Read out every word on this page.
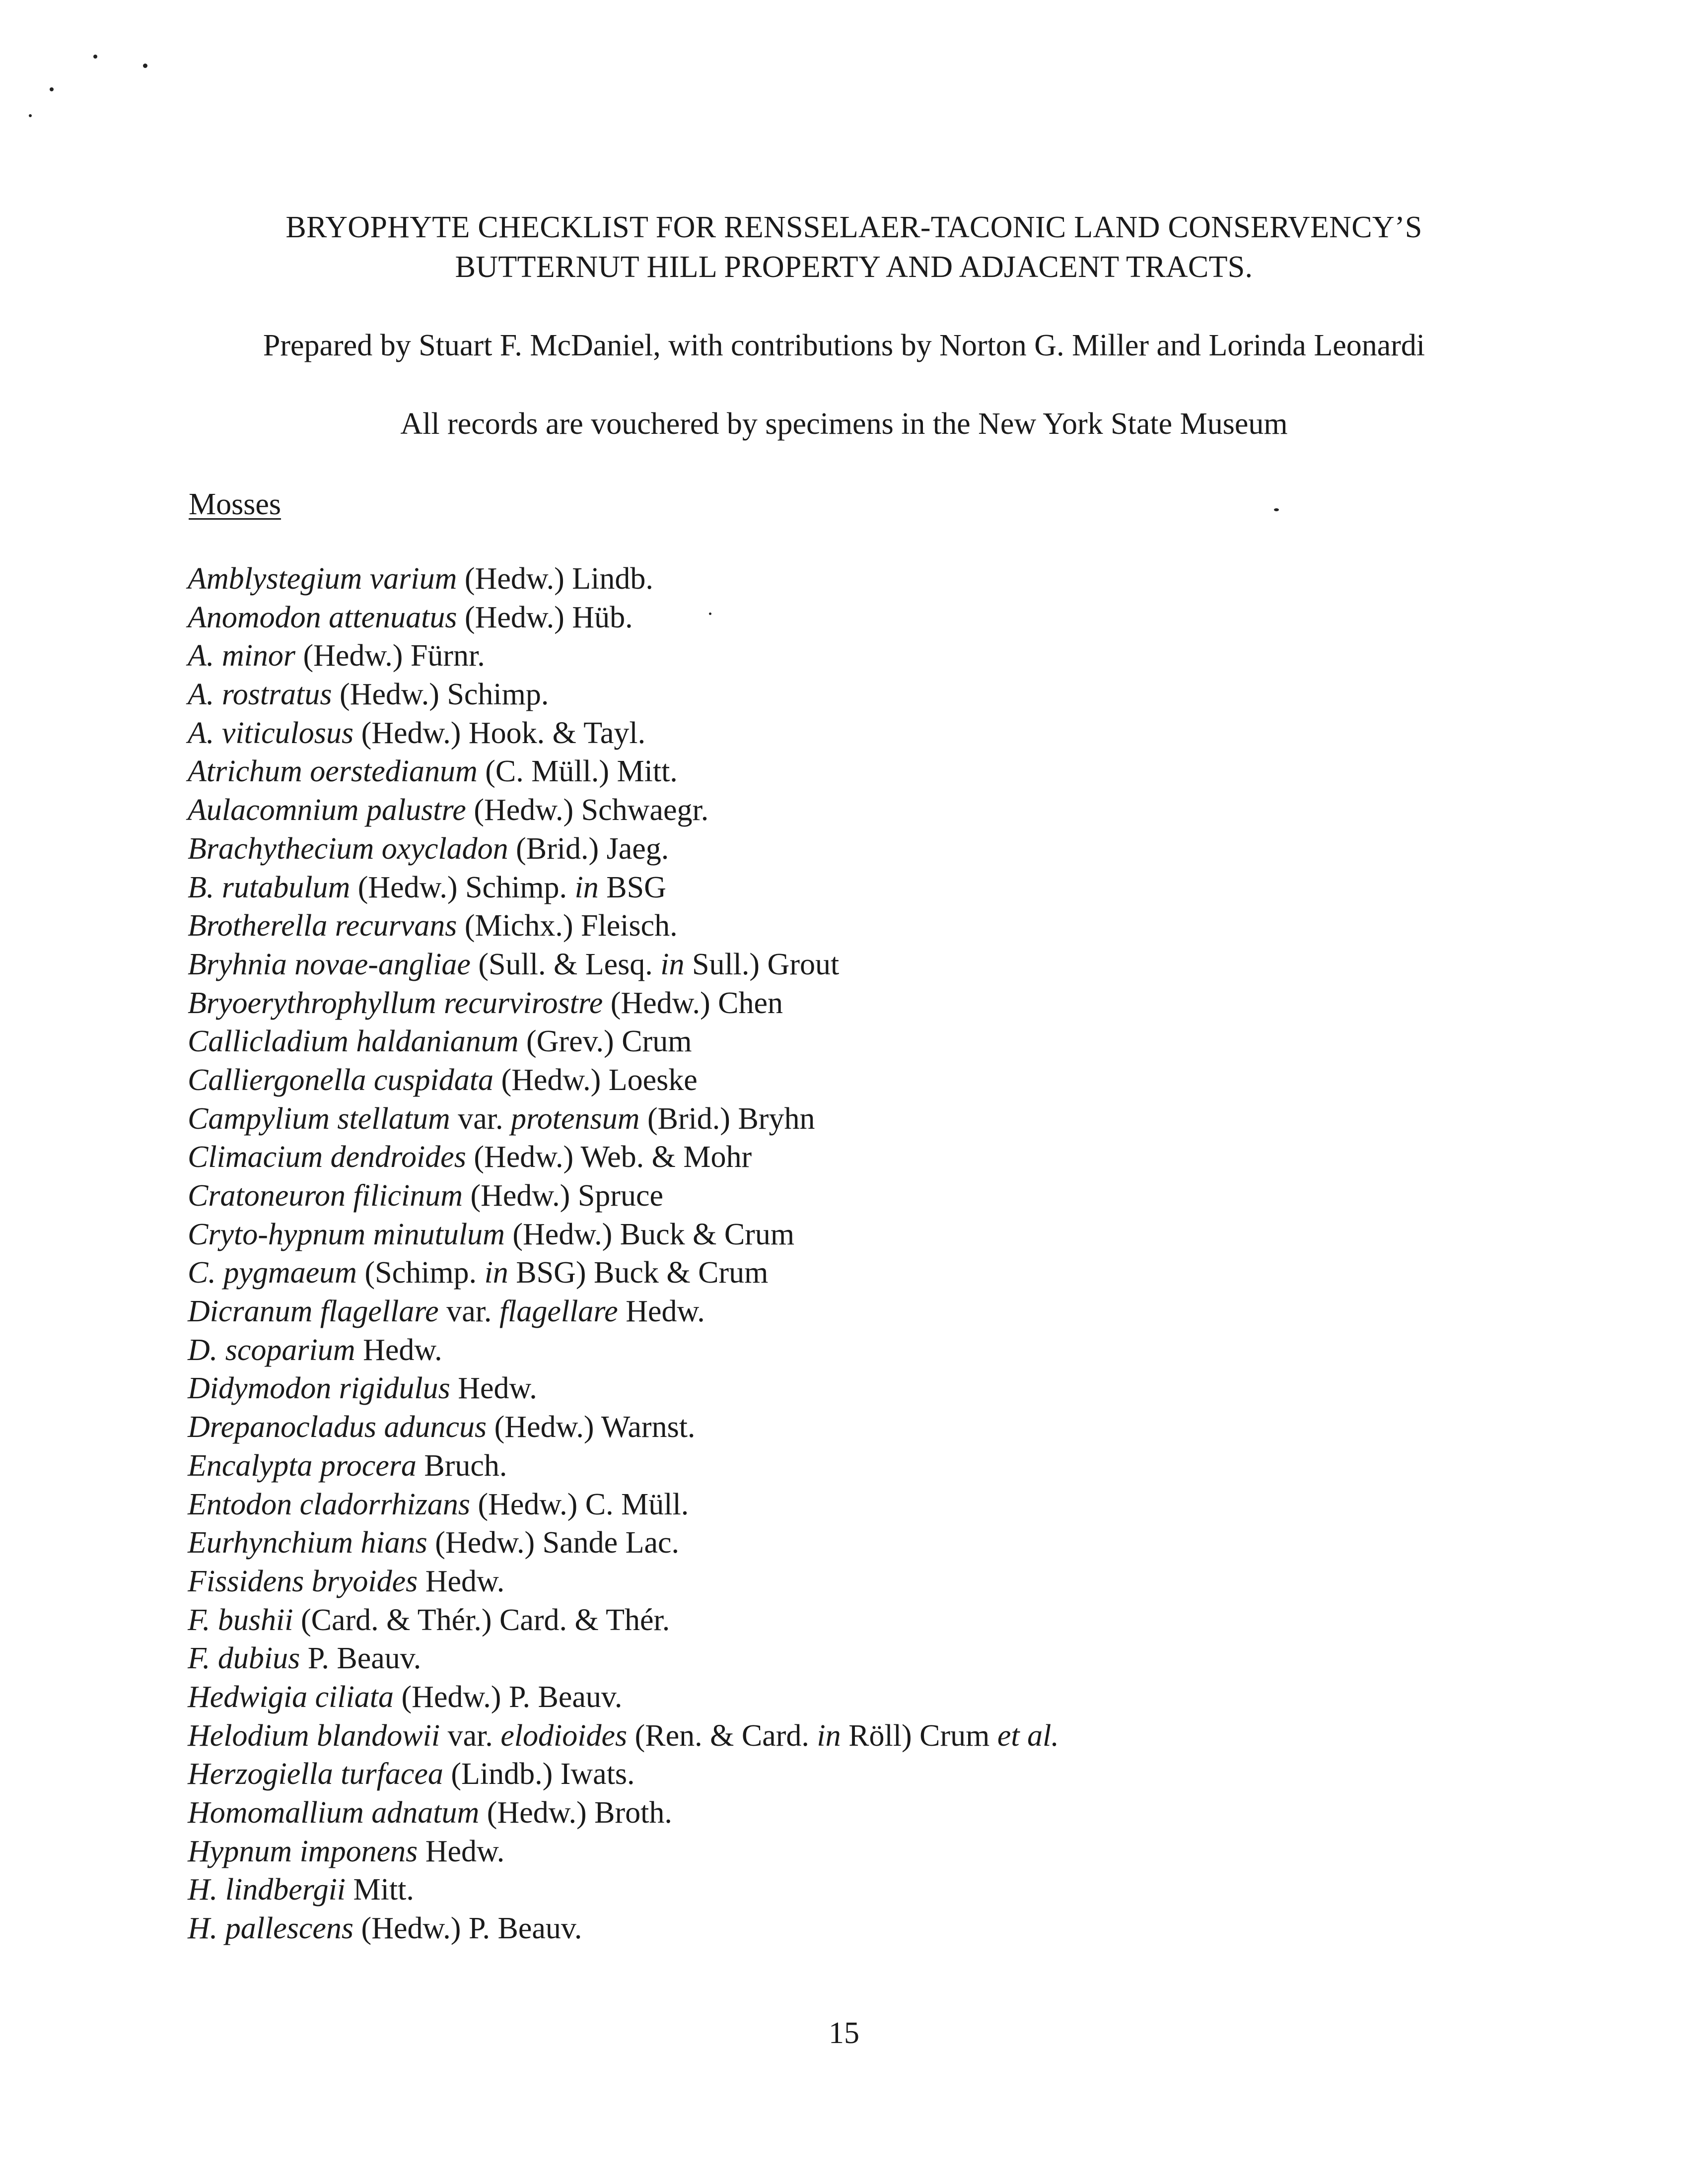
BRYOPHYTE CHECKLIST FOR RENSSELAER-TACONIC LAND CONSERVENCY’S
BUTTERNUT HILL PROPERTY AND ADJACENT TRACTS.
Prepared by Stuart F. McDaniel, with contributions by Norton G. Miller and Lorinda Leonardi
All records are vouchered by specimens in the New York State Museum
Mosses
Amblystegium varium (Hedw.) Lindb.
Anomodon attenuatus (Hedw.) Hüb.
A. minor (Hedw.) Fürnr.
A. rostratus (Hedw.) Schimp.
A. viticulosus (Hedw.) Hook. & Tayl.
Atrichum oerstedianum (C. Müll.) Mitt.
Aulacomnium palustre (Hedw.) Schwaegr.
Brachythecium oxycladon (Brid.) Jaeg.
B. rutabulum (Hedw.) Schimp. in BSG
Brotherella recurvans (Michx.) Fleisch.
Bryhnia novae-angliae (Sull. & Lesq. in Sull.) Grout
Bryoerythrophyllum recurvirostre (Hedw.) Chen
Callicladium haldanianum (Grev.) Crum
Calliergonella cuspidata (Hedw.) Loeske
Campylium stellatum var. protensum (Brid.) Bryhn
Climacium dendroides (Hedw.) Web. & Mohr
Cratoneuron filicinum (Hedw.) Spruce
Cryto-hypnum minutulum (Hedw.) Buck & Crum
C. pygmaeum (Schimp. in BSG) Buck & Crum
Dicranum flagellare var. flagellare Hedw.
D. scoparium Hedw.
Didymodon rigidulus Hedw.
Drepanocladus aduncus (Hedw.) Warnst.
Encalypta procera Bruch.
Entodon cladorrhizans (Hedw.) C. Müll.
Eurhynchium hians (Hedw.) Sande Lac.
Fissidens bryoides Hedw.
F. bushii (Card. & Thér.) Card. & Thér.
F. dubius P. Beauv.
Hedwigia ciliata (Hedw.) P. Beauv.
Helodium blandowii var. elodioides (Ren. & Card. in Röll) Crum et al.
Herzogiella turfacea (Lindb.) Iwats.
Homomallium adnatum (Hedw.) Broth.
Hypnum imponens Hedw.
H. lindbergii Mitt.
H. pallescens (Hedw.) P. Beauv.
15
